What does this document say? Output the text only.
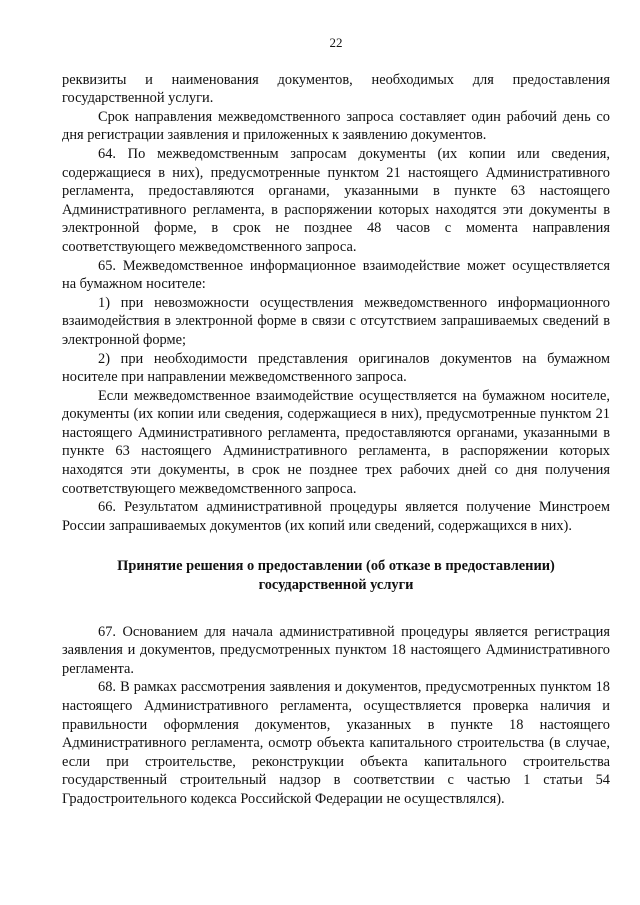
22

реквизиты и наименования документов, необходимых для предоставления государственной услуги.

Срок направления межведомственного запроса составляет один рабочий день со дня регистрации заявления и приложенных к заявлению документов.

64. По межведомственным запросам документы (их копии или сведения, содержащиеся в них), предусмотренные пунктом 21 настоящего Административного регламента, предоставляются органами, указанными в пункте 63 настоящего Административного регламента, в распоряжении которых находятся эти документы в электронной форме, в срок не позднее 48 часов с момента направления соответствующего межведомственного запроса.

65. Межведомственное информационное взаимодействие может осуществляется на бумажном носителе:

1) при невозможности осуществления межведомственного информационного взаимодействия в электронной форме в связи с отсутствием запрашиваемых сведений в электронной форме;

2) при необходимости представления оригиналов документов на бумажном носителе при направлении межведомственного запроса.

Если межведомственное взаимодействие осуществляется на бумажном носителе, документы (их копии или сведения, содержащиеся в них), предусмотренные пунктом 21 настоящего Административного регламента, предоставляются органами, указанными в пункте 63 настоящего Административного регламента, в распоряжении которых находятся эти документы, в срок не позднее трех рабочих дней со дня получения соответствующего межведомственного запроса.

66. Результатом административной процедуры является получение Минстроем России запрашиваемых документов (их копий или сведений, содержащихся в них).

Принятие решения о предоставлении (об отказе в предоставлении)
государственной услуги

67. Основанием для начала административной процедуры является регистрация заявления и документов, предусмотренных пунктом 18 настоящего Административного регламента.

68. В рамках рассмотрения заявления и документов, предусмотренных пунктом 18 настоящего Административного регламента, осуществляется проверка наличия и правильности оформления документов, указанных в пункте 18 настоящего Административного регламента, осмотр объекта капитального строительства (в случае, если при строительстве, реконструкции объекта капитального строительства государственный строительный надзор в соответствии с частью 1 статьи 54 Градостроительного кодекса Российской Федерации не осуществлялся).
